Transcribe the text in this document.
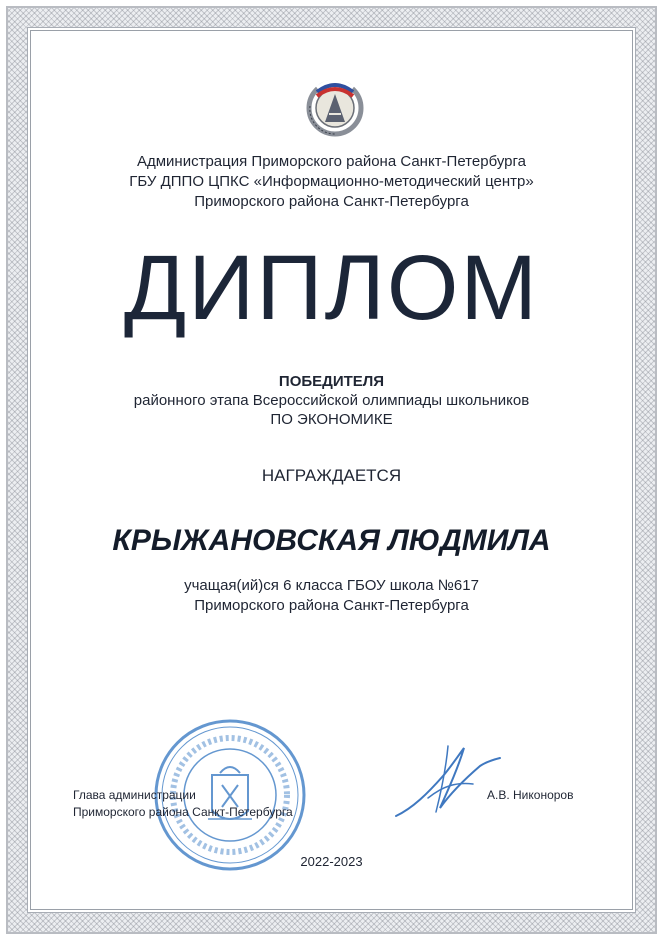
Администрация Приморского района Санкт-Петербурга
ГБУ ДППО ЦПКС «Информационно-методический центр»
Приморского района Санкт-Петербурга
ДИПЛОМ
ПОБЕДИТЕЛЯ
районного этапа Всероссийской олимпиады школьников
ПО ЭКОНОМИКЕ
НАГРАЖДАЕТСЯ
КРЫЖАНОВСКАЯ ЛЮДМИЛА
учащая(ий)ся 6 класса ГБОУ школа №617
Приморского района Санкт-Петербурга
Глава администрации
Приморского района Санкт-Петербурга
А.В. Никоноров
2022-2023
